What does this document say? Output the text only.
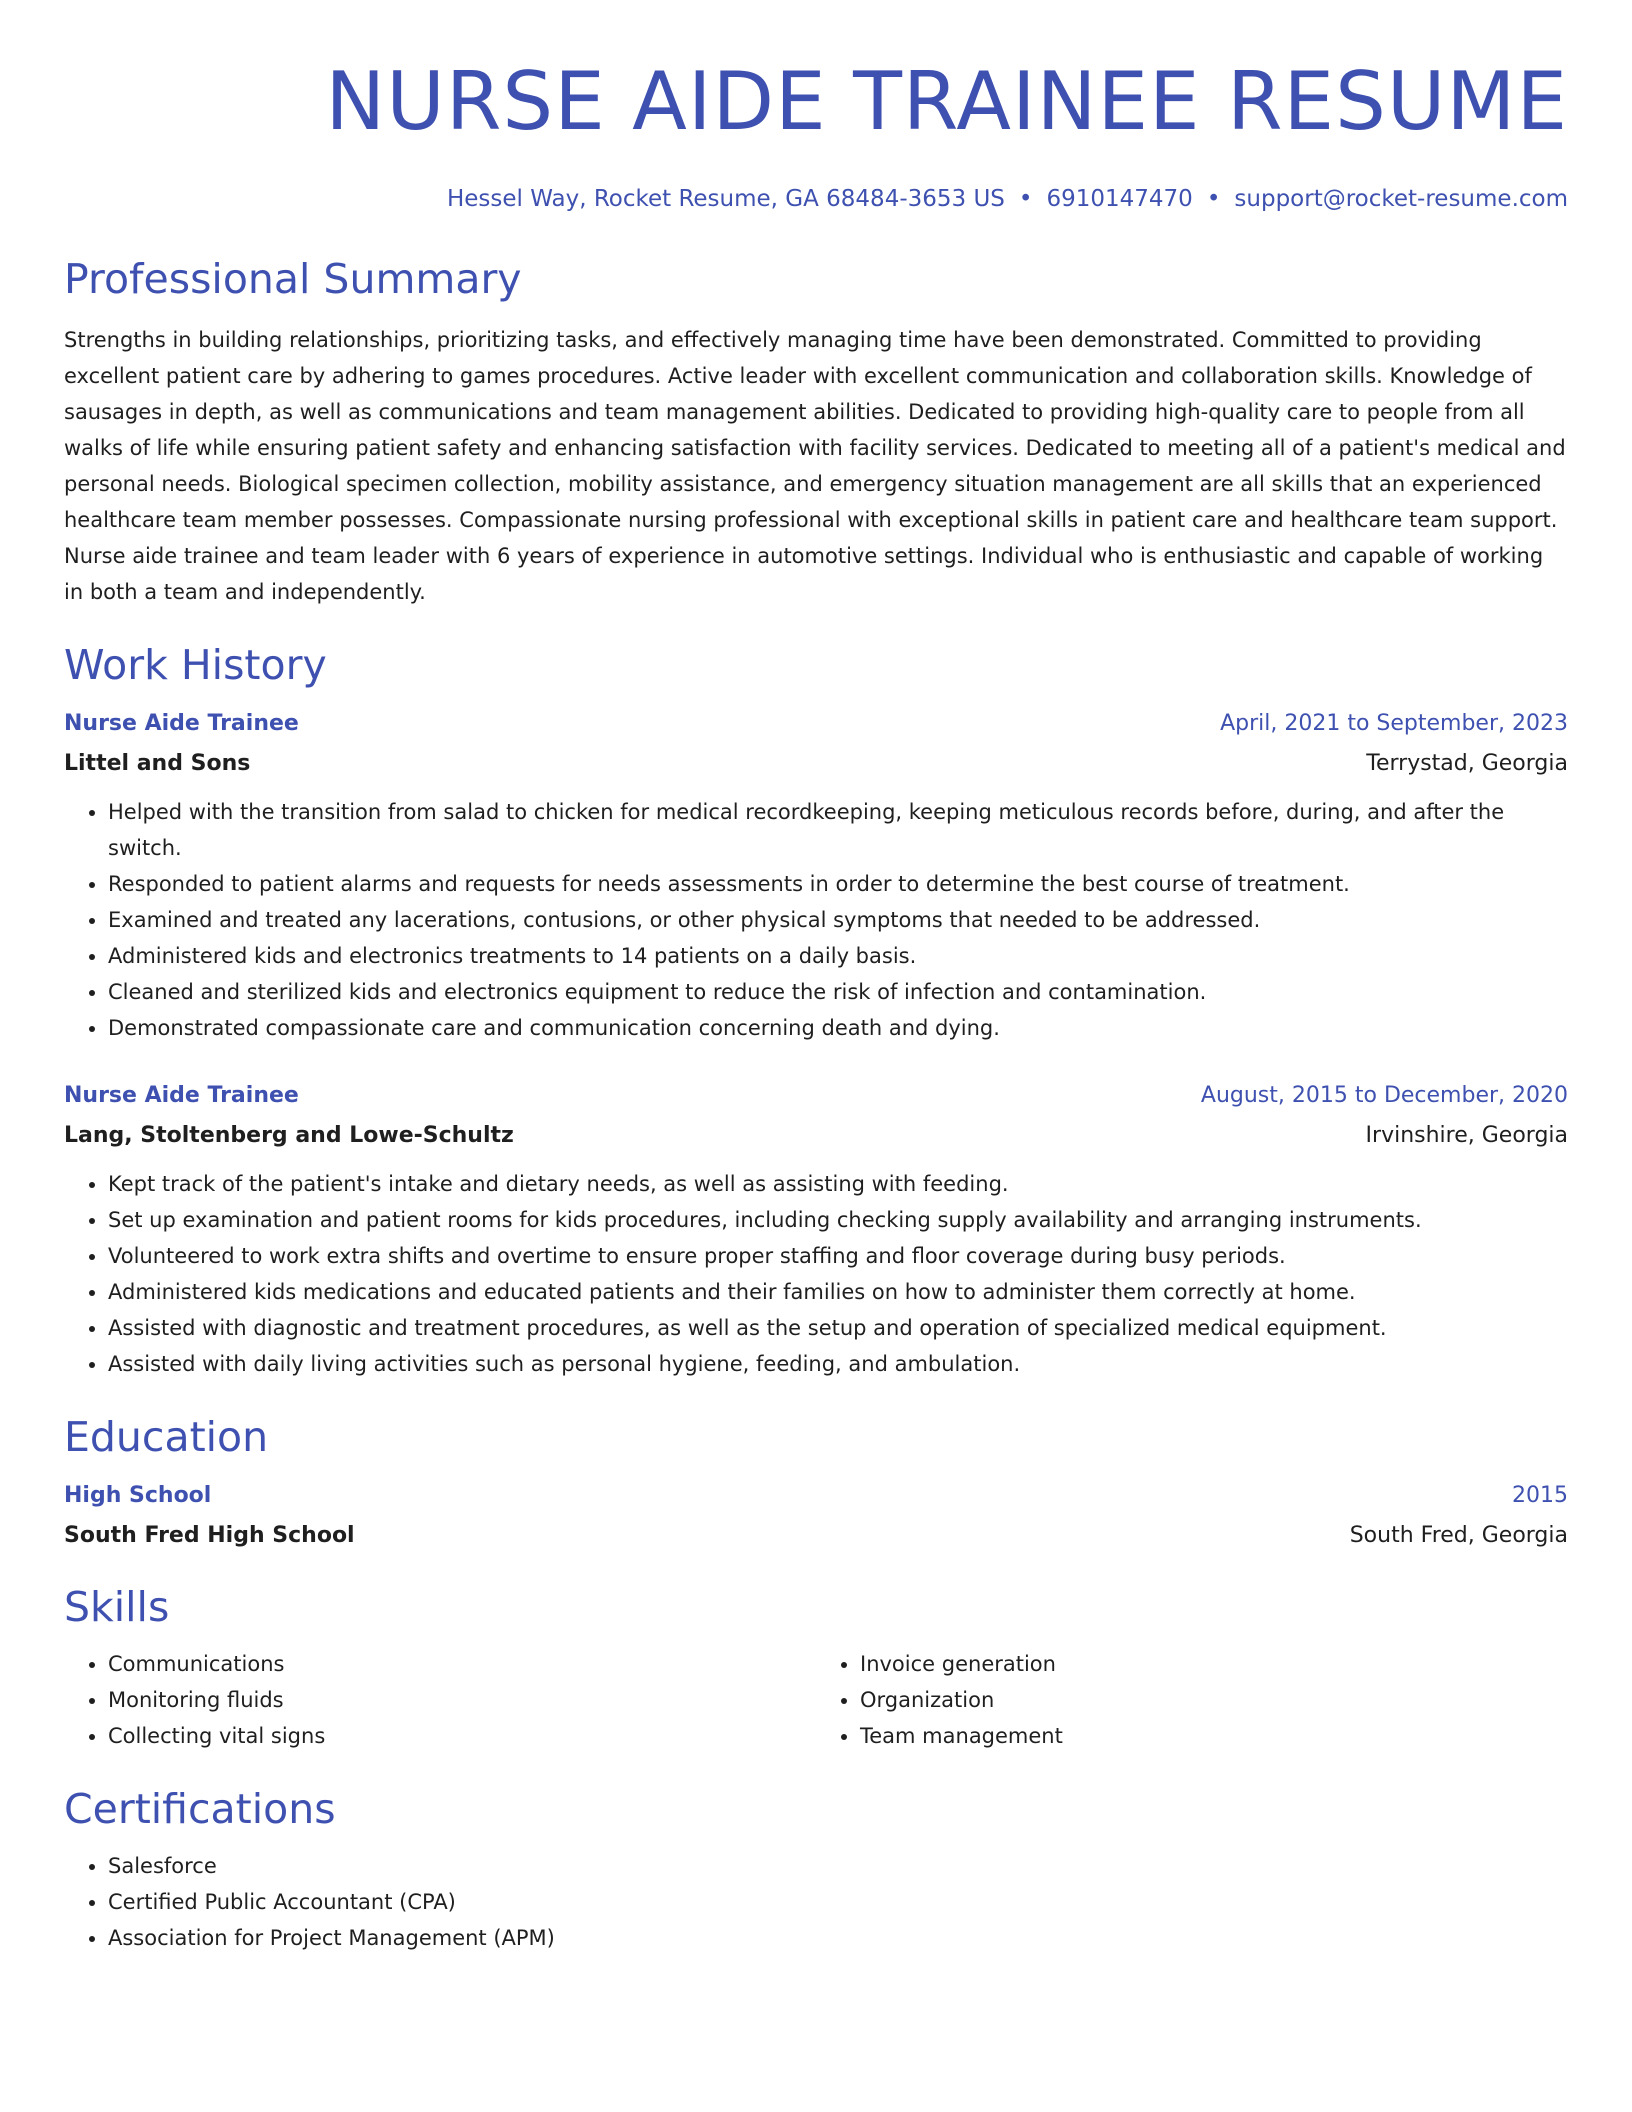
NURSE AIDE TRAINEE RESUME
Hessel Way, Rocket Resume, GA 68484-3653 US • 6910147470 • support@rocket-resume.com
Professional Summary

Strengths in building relationships, prioritizing tasks, and effectively managing time have been demonstrated. Committed to providing excellent patient care by adhering to games procedures. Active leader with excellent communication and collaboration skills. Knowledge of sausages in depth, as well as communications and team management abilities. Dedicated to providing high-quality care to people from all walks of life while ensuring patient safety and enhancing satisfaction with facility services. Dedicated to meeting all of a patient's medical and personal needs. Biological specimen collection, mobility assistance, and emergency situation management are all skills that an experienced healthcare team member possesses. Compassionate nursing professional with exceptional skills in patient care and healthcare team support. Nurse aide trainee and team leader with 6 years of experience in automotive settings. Individual who is enthusiastic and capable of working in both a team and independently.

Work History
Nurse Aide Trainee	April, 2021 to September, 2023
Littel and Sons	Terrystad, Georgia
• Helped with the transition from salad to chicken for medical recordkeeping, keeping meticulous records before, during, and after the switch.
• Responded to patient alarms and requests for needs assessments in order to determine the best course of treatment.
• Examined and treated any lacerations, contusions, or other physical symptoms that needed to be addressed.
• Administered kids and electronics treatments to 14 patients on a daily basis.
• Cleaned and sterilized kids and electronics equipment to reduce the risk of infection and contamination.
• Demonstrated compassionate care and communication concerning death and dying.
Nurse Aide Trainee	August, 2015 to December, 2020
Lang, Stoltenberg and Lowe-Schultz	Irvinshire, Georgia
• Kept track of the patient's intake and dietary needs, as well as assisting with feeding.
• Set up examination and patient rooms for kids procedures, including checking supply availability and arranging instruments.
• Volunteered to work extra shifts and overtime to ensure proper staffing and floor coverage during busy periods.
• Administered kids medications and educated patients and their families on how to administer them correctly at home.
• Assisted with diagnostic and treatment procedures, as well as the setup and operation of specialized medical equipment.
• Assisted with daily living activities such as personal hygiene, feeding, and ambulation.
Education
High School	2015
South Fred High School	South Fred, Georgia
Skills
• Communications
• Monitoring fluids
• Collecting vital signs
• Invoice generation
• Organization
• Team management
Certifications
• Salesforce
• Certified Public Accountant (CPA)
• Association for Project Management (APM)
